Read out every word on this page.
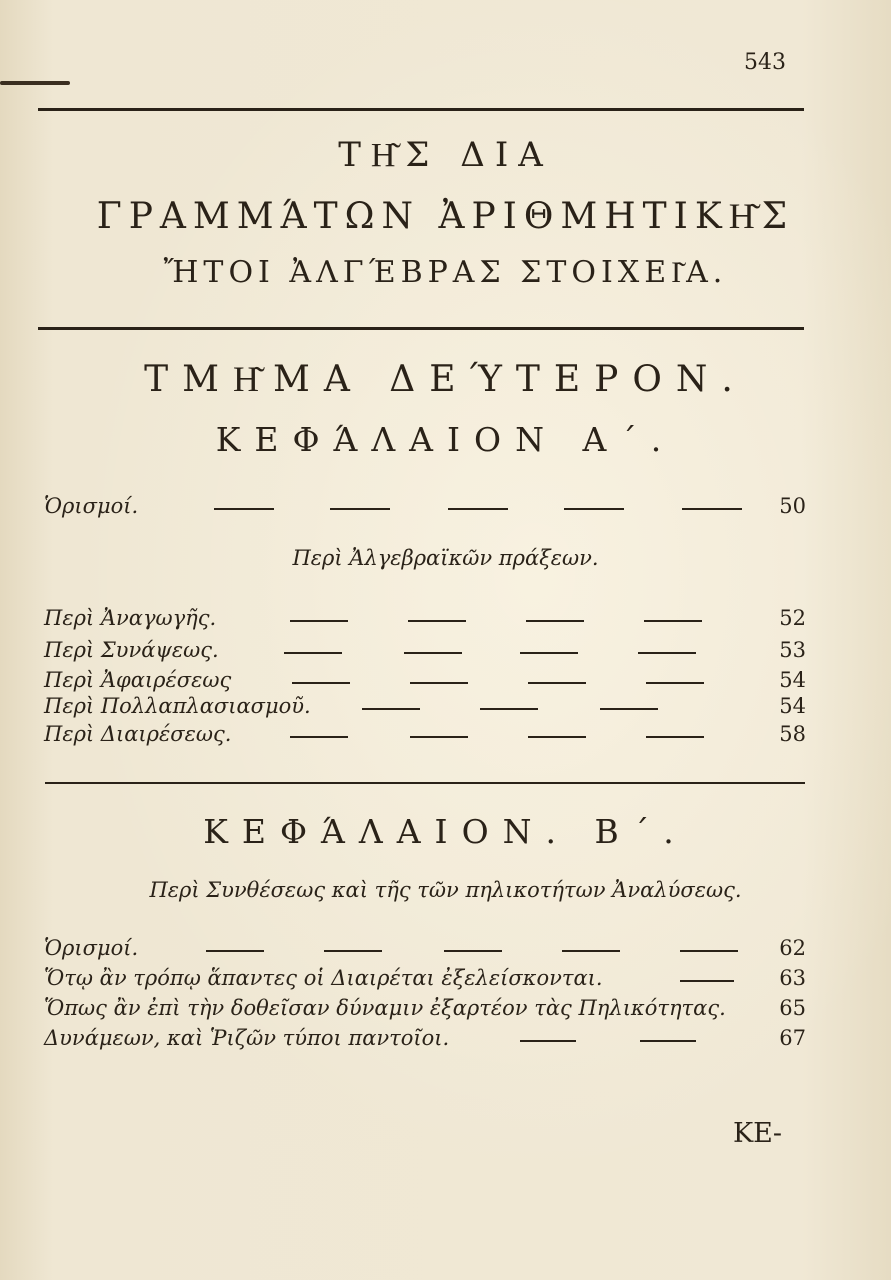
543
ΤΗ͂Σ ΔΙΑ
ΓΡΑΜΜΆΤΩΝ ἈΡΙΘΜΗΤΙΚΗ͂Σ
ἬΤΟΙ ἈΛΓΈΒΡΑΣ ΣΤΟΙΧΕΙ͂Α.
ΤΜΗ͂ΜΑ ΔΕΎΤΕΡΟΝ.
ΚΕΦΆΛΑΙΟΝ Α΄.
Ὁρισμοί.	50
Περὶ Ἀλγεβραϊκῶν πράξεων.
Περὶ Ἀναγωγῆς.	52
Περὶ Συνάψεως.	53
Περὶ Ἀφαιρέσεως	54
Περὶ Πολλαπλασιασμοῦ.	54
Περὶ Διαιρέσεως.	58
ΚΕΦΆΛΑΙΟΝ. Β΄.
Περὶ Συνθέσεως καὶ τῆς τῶν πηλικοτήτων Ἀναλύσεως.
Ὁρισμοί.	62
Ὅτῳ ἂν τρόπῳ ἅπαντες οἱ Διαιρέται ἐξελείσκονται.	63
Ὅπως ἂν ἐπὶ τὴν δοθεῖσαν δύναμιν ἐξαρτέον τὰς Πηλικότητας.	65
Δυνάμεων, καὶ Ῥιζῶν τύποι παντοῖοι.	67
ΚΕ-
